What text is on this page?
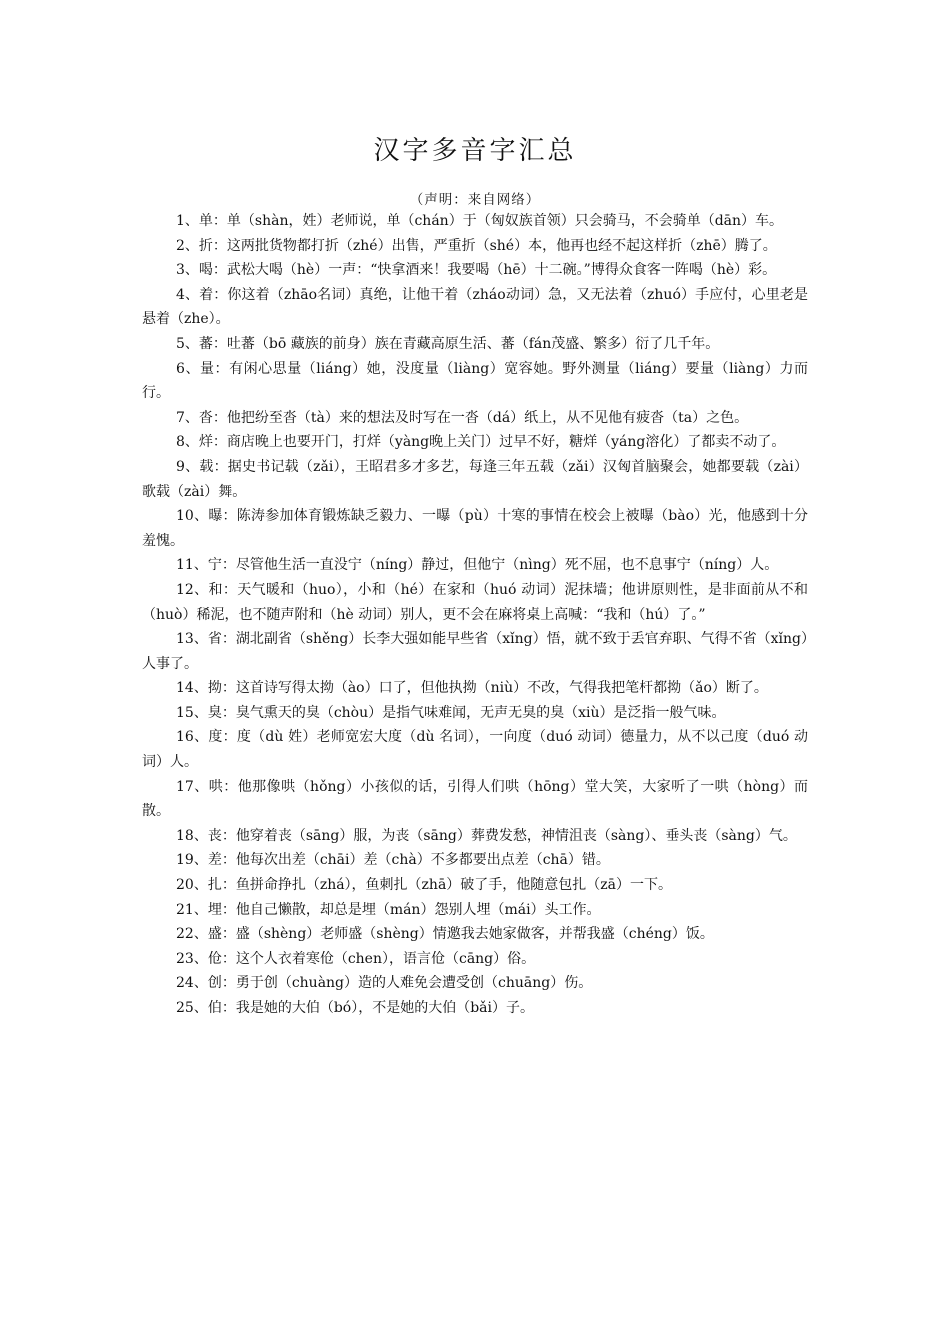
汉字多音字汇总
（声明：来自网络）

1、单：单（shàn，姓）老师说，单（chán）于（匈奴族首领）只会骑马，不会骑单（dān）车。

2、折：这两批货物都打折（zhé）出售，严重折（shé）本，他再也经不起这样折（zhē）腾了。

3、喝：武松大喝（hè）一声：“快拿酒来！我要喝（hē）十二碗。”博得众食客一阵喝（hè）彩。

4、着：你这着（zhāo名词）真绝，让他干着（zháo动词）急，又无法着（zhuó）手应付，心里老是悬着（zhe）。

5、蕃：吐蕃（bō 藏族的前身）族在青藏高原生活、蕃（fán茂盛、繁多）衍了几千年。

6、量：有闲心思量（liáng）她，没度量（liàng）宽容她。野外测量（liáng）要量（liàng）力而行。

7、沓：他把纷至沓（tà）来的想法及时写在一沓（dá）纸上，从不见他有疲沓（ta）之色。

8、烊：商店晚上也要开门，打烊（yàng晚上关门）过早不好，糖烊（yáng溶化）了都卖不动了。

9、载：据史书记载（zǎi），王昭君多才多艺，每逢三年五载（zǎi）汉匈首脑聚会，她都要载（zài）歌载（zài）舞。

10、曝：陈涛参加体育锻炼缺乏毅力、一曝（pù）十寒的事情在校会上被曝（bào）光，他感到十分羞愧。

11、宁：尽管他生活一直没宁（níng）静过，但他宁（nìng）死不屈，也不息事宁（níng）人。

12、和：天气暖和（huo），小和（hé）在家和（huó 动词）泥抹墙；他讲原则性，是非面前从不和（huò）稀泥，也不随声附和（hè 动词）别人，更不会在麻将桌上高喊：“我和（hú）了。”

13、省：湖北副省（shěng）长李大强如能早些省（xǐng）悟，就不致于丢官弃职、气得不省（xǐng）人事了。

14、拗：这首诗写得太拗（ào）口了，但他执拗（niù）不改，气得我把笔杆都拗（ǎo）断了。

15、臭：臭气熏天的臭（chòu）是指气味难闻，无声无臭的臭（xiù）是泛指一般气味。

16、度：度（dù 姓）老师宽宏大度（dù 名词），一向度（duó 动词）德量力，从不以己度（duó 动词）人。

17、哄：他那像哄（hǒng）小孩似的话，引得人们哄（hōng）堂大笑，大家听了一哄（hòng）而散。

18、丧：他穿着丧（sāng）服，为丧（sāng）葬费发愁，神情沮丧（sàng）、垂头丧（sàng）气。

19、差：他每次出差（chāi）差（chà）不多都要出点差（chā）错。

20、扎：鱼拼命挣扎（zhá），鱼刺扎（zhā）破了手，他随意包扎（zā）一下。

21、埋：他自己懒散，却总是埋（mán）怨别人埋（mái）头工作。

22、盛：盛（shèng）老师盛（shèng）情邀我去她家做客，并帮我盛（chéng）饭。

23、伧：这个人衣着寒伧（chen），语言伧（cāng）俗。

24、创：勇于创（chuàng）造的人难免会遭受创（chuāng）伤。

25、伯：我是她的大伯（bó），不是她的大伯（bǎi）子。
